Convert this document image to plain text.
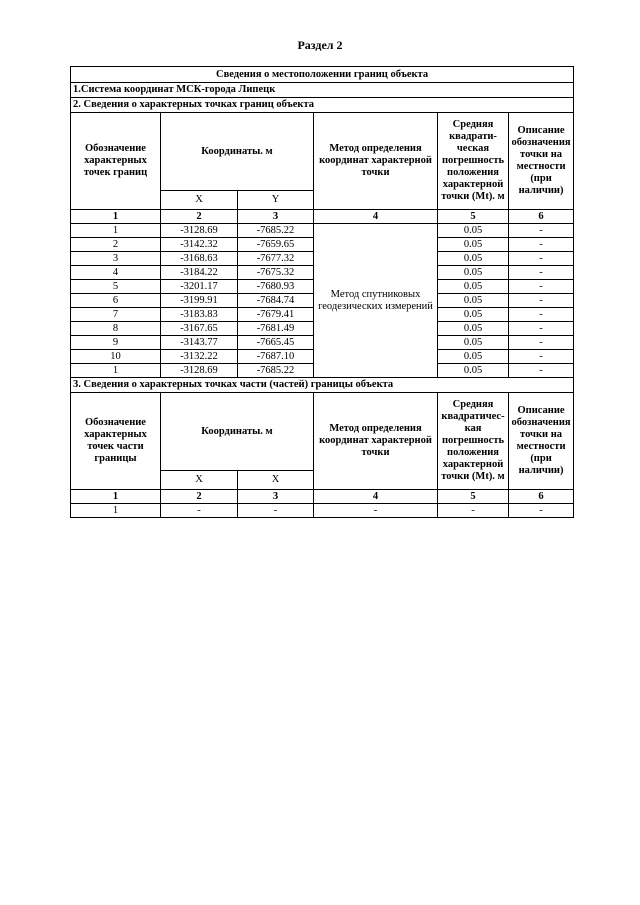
Раздел 2
Сведения о местоположении границ объекта					
1.Система координат МСК-города Липецк					
2. Сведения о характерных точках границ объекта					
Обозначение характерных точек границ	Координаты. м		Метод определения координат характерной точки	Средняя квадрати-ческая погрешность положения характерной точки (Mt). м	Описание обозначения точки на местности (при наличии)
	X	Y			
1	2	3	4	5	6
1	-3128.69	-7685.22	Метод спутниковых геодезических измерений	0.05	-
2	-3142.32	-7659.65		0.05	-
3	-3168.63	-7677.32		0.05	-
4	-3184.22	-7675.32		0.05	-
5	-3201.17	-7680.93		0.05	-
6	-3199.91	-7684.74		0.05	-
7	-3183.83	-7679.41		0.05	-
8	-3167.65	-7681.49		0.05	-
9	-3143.77	-7665.45		0.05	-
10	-3132.22	-7687.10		0.05	-
1	-3128.69	-7685.22		0.05	-
3. Сведения о характерных точках части (частей) границы объекта					
Обозначение характерных точек части границы	Координаты. м		Метод определения координат характерной точки	Средняя квадратичес-кая погрешность положения характерной точки (Mt). м	Описание обозначения точки на местности (при наличии)
	X	X			
1	2	3	4	5	6
1	-	-	-	-	-
